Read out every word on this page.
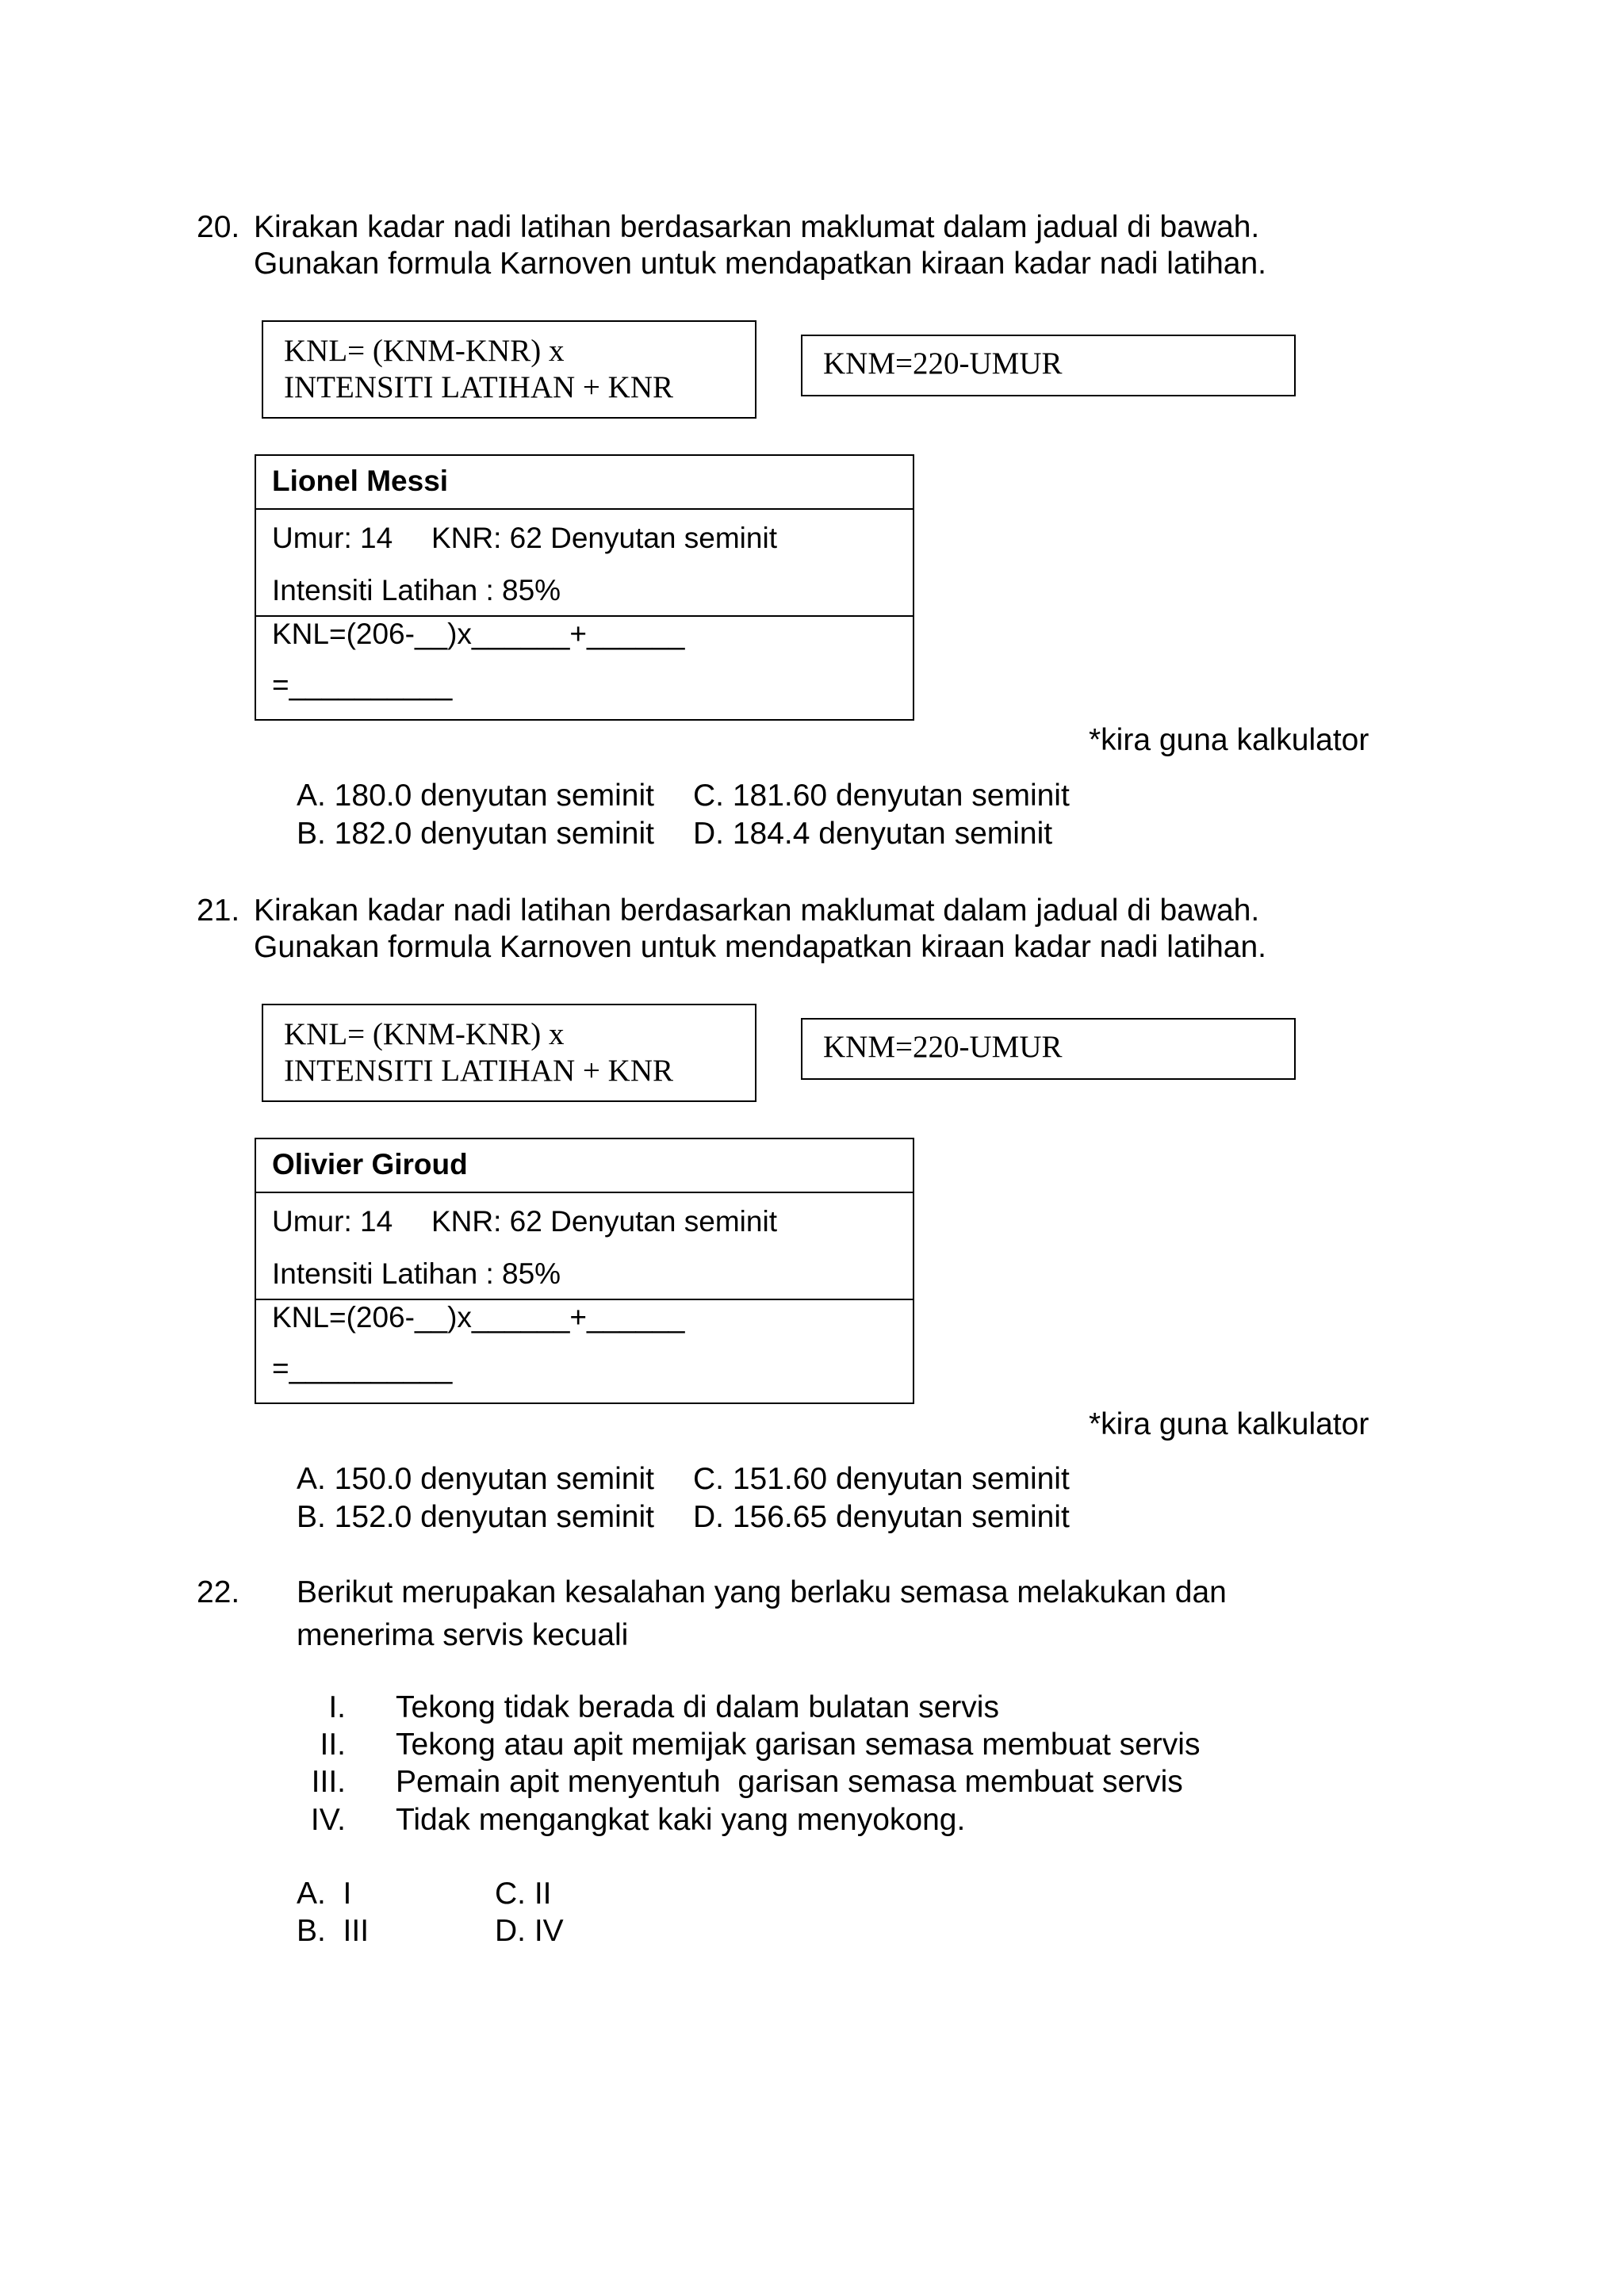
20. Kirakan kadar nadi latihan berdasarkan maklumat dalam jadual di bawah.
Gunakan formula Karnoven untuk mendapatkan kiraan kadar nadi latihan.
KNL= (KNM-KNR) x
INTENSITI LATIHAN + KNR
KNM=220-UMUR
Lionel Messi
Umur: 14 KNR: 62 Denyutan seminit
Intensiti Latihan : 85%
KNL=(206-__)x______+______
=__________
*kira guna kalkulator
A. 180.0 denyutan seminit C. 181.60 denyutan seminit
B. 182.0 denyutan seminit D. 184.4 denyutan seminit
21. Kirakan kadar nadi latihan berdasarkan maklumat dalam jadual di bawah.
Gunakan formula Karnoven untuk mendapatkan kiraan kadar nadi latihan.
KNL= (KNM-KNR) x
INTENSITI LATIHAN + KNR
KNM=220-UMUR
Olivier Giroud
Umur: 14 KNR: 62 Denyutan seminit
Intensiti Latihan : 85%
KNL=(206-__)x______+______
=__________
*kira guna kalkulator
A. 150.0 denyutan seminit C. 151.60 denyutan seminit
B. 152.0 denyutan seminit D. 156.65 denyutan seminit
22. Berikut merupakan kesalahan yang berlaku semasa melakukan dan
menerima servis kecuali
I. Tekong tidak berada di dalam bulatan servis
II. Tekong atau apit memijak garisan semasa membuat servis
III. Pemain apit menyentuh  garisan semasa membuat servis
IV. Tidak mengangkat kaki yang menyokong.
A.  I	C. II
B.  III	D. IV
